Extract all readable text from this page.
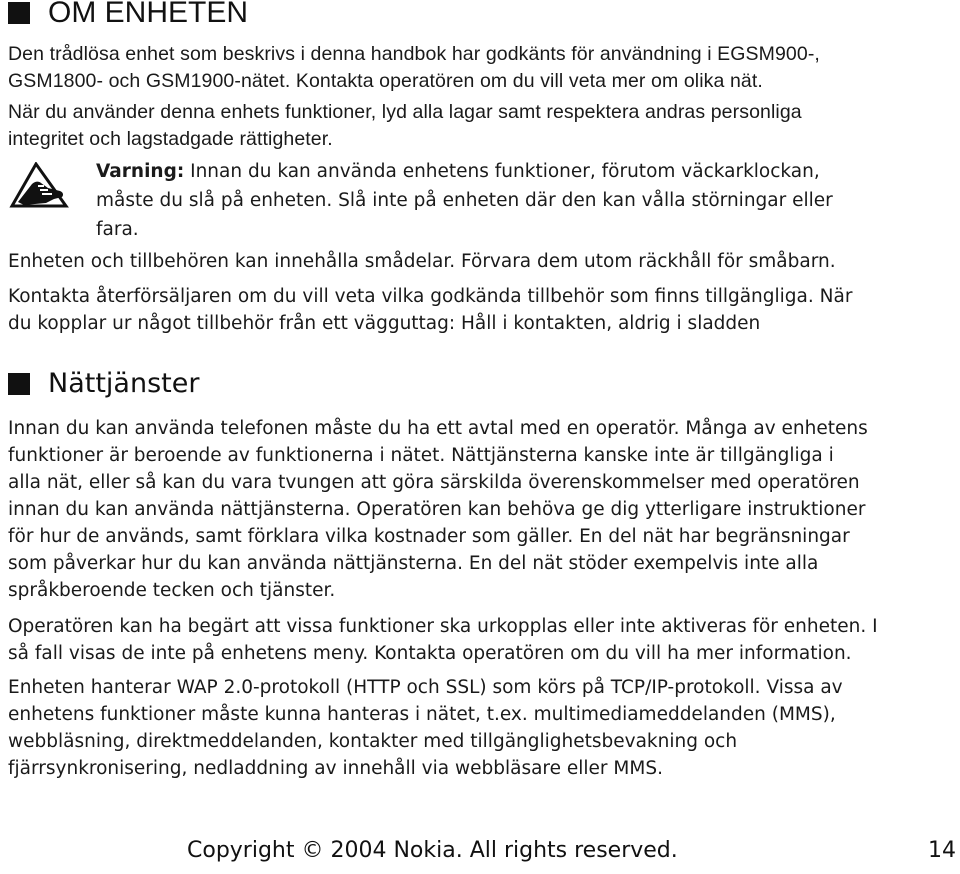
OM ENHETEN

Den trådlösa enhet som beskrivs i denna handbok har godkänts för användning i EGSM900-,
GSM1800- och GSM1900-nätet. Kontakta operatören om du vill veta mer om olika nät.

När du använder denna enhets funktioner, lyd alla lagar samt respektera andras personliga
integritet och lagstadgade rättigheter.

Varning: Innan du kan använda enhetens funktioner, förutom väckarklockan,
måste du slå på enheten. Slå inte på enheten där den kan vålla störningar eller
fara.

Enheten och tillbehören kan innehålla smådelar. Förvara dem utom räckhåll för småbarn.

Kontakta återförsäljaren om du vill veta vilka godkända tillbehör som finns tillgängliga. När
du kopplar ur något tillbehör från ett vägguttag: Håll i kontakten, aldrig i sladden

Nättjänster

Innan du kan använda telefonen måste du ha ett avtal med en operatör. Många av enhetens
funktioner är beroende av funktionerna i nätet. Nättjänsterna kanske inte är tillgängliga i
alla nät, eller så kan du vara tvungen att göra särskilda överenskommelser med operatören
innan du kan använda nättjänsterna. Operatören kan behöva ge dig ytterligare instruktioner
för hur de används, samt förklara vilka kostnader som gäller. En del nät har begränsningar
som påverkar hur du kan använda nättjänsterna. En del nät stöder exempelvis inte alla
språkberoende tecken och tjänster.

Operatören kan ha begärt att vissa funktioner ska urkopplas eller inte aktiveras för enheten. I
så fall visas de inte på enhetens meny. Kontakta operatören om du vill ha mer information.

Enheten hanterar WAP 2.0-protokoll (HTTP och SSL) som körs på TCP/IP-protokoll. Vissa av
enhetens funktioner måste kunna hanteras i nätet, t.ex. multimediameddelanden (MMS),
webbläsning, direktmeddelanden, kontakter med tillgänglighetsbevakning och
fjärrsynkronisering, nedladdning av innehåll via webbläsare eller MMS.

Copyright © 2004 Nokia. All rights reserved.	14
